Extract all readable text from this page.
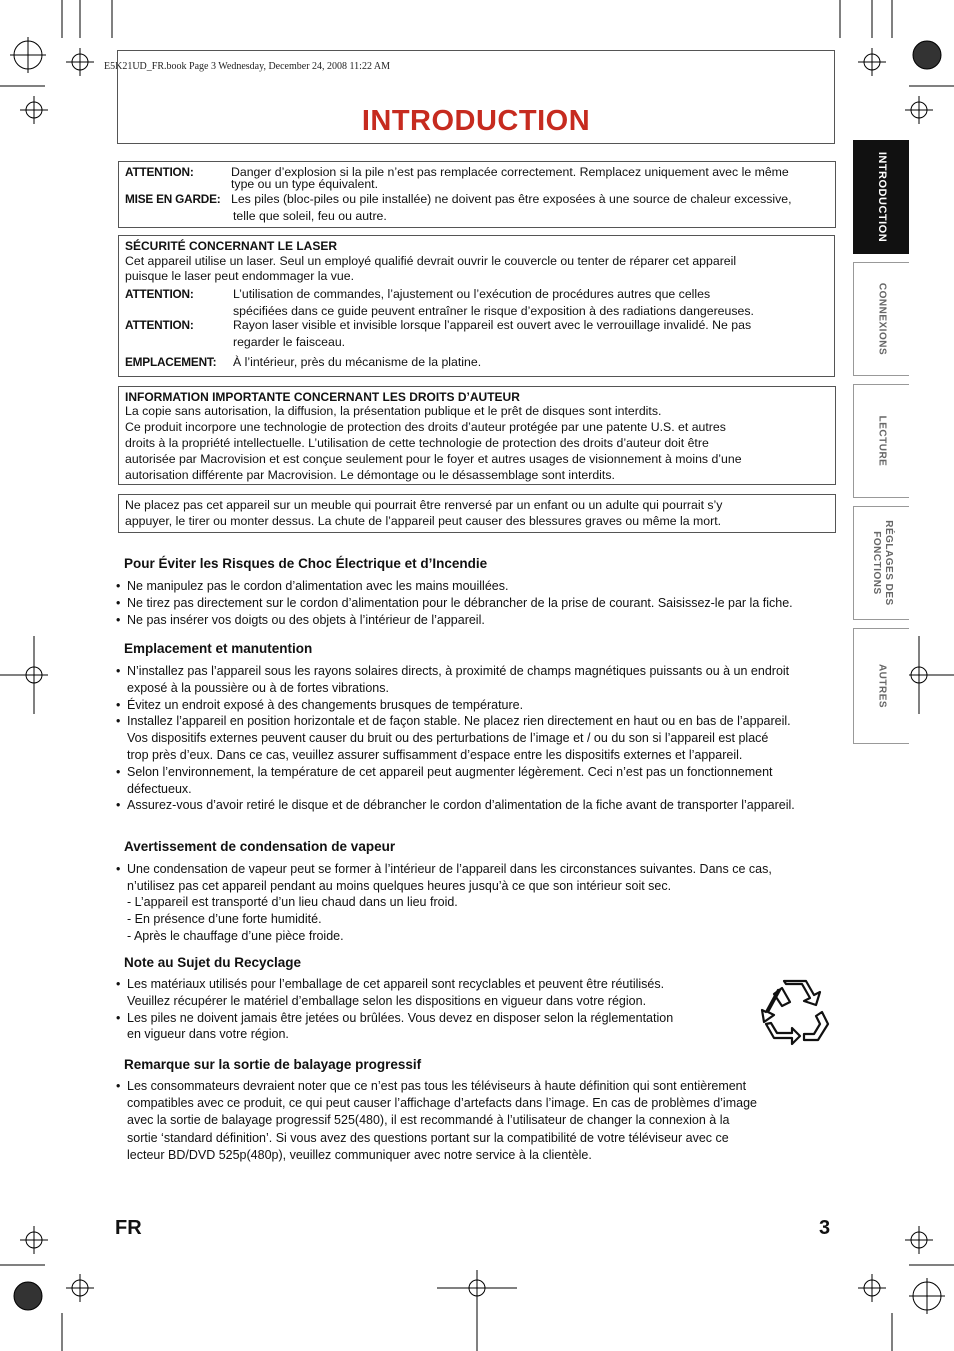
E5K21UD_FR.book Page 3 Wednesday, December 24, 2008 11:22 AM
INTRODUCTION
ATTENTION:	Danger d’explosion si la pile n’est pas remplacée correctement. Remplacez uniquement avec le même
type ou un type équivalent.
MISE EN GARDE: Les piles (bloc-piles ou pile installée) ne doivent pas être exposées à une source de chaleur excessive,
telle que soleil, feu ou autre.
SÉCURITÉ CONCERNANT LE LASER
Cet appareil utilise un laser. Seul un employé qualifié devrait ouvrir le couvercle ou tenter de réparer cet appareil
puisque le laser peut endommager la vue.
ATTENTION:	L’utilisation de commandes, l’ajustement ou l’exécution de procédures autres que celles
spécifiées dans ce guide peuvent entraîner le risque d’exposition à des radiations dangereuses.
ATTENTION:	Rayon laser visible et invisible lorsque l’appareil est ouvert avec le verrouillage invalidé. Ne pas
regarder le faisceau.
EMPLACEMENT: À l’intérieur, près du mécanisme de la platine.
INFORMATION IMPORTANTE CONCERNANT LES DROITS D’AUTEUR
La copie sans autorisation, la diffusion, la présentation publique et le prêt de disques sont interdits.
Ce produit incorpore une technologie de protection des droits d’auteur protégée par une patente U.S. et autres
droits à la propriété intellectuelle. L’utilisation de cette technologie de protection des droits d’auteur doit être
autorisée par Macrovision et est conçue seulement pour le foyer et autres usages de visionnement à moins d’une
autorisation différente par Macrovision. Le démontage ou le désassemblage sont interdits.
Ne placez pas cet appareil sur un meuble qui pourrait être renversé par un enfant ou un adulte qui pourrait s’y
appuyer, le tirer ou monter dessus. La chute de l’appareil peut causer des blessures graves ou même la mort.
Pour Éviter les Risques de Choc Électrique et d’Incendie
• Ne manipulez pas le cordon d’alimentation avec les mains mouillées.
• Ne tirez pas directement sur le cordon d’alimentation pour le débrancher de la prise de courant. Saisissez-le par la fiche.
• Ne pas insérer vos doigts ou des objets à l’intérieur de l’appareil.
Emplacement et manutention
• N’installez pas l’appareil sous les rayons solaires directs, à proximité de champs magnétiques puissants ou à un endroit
exposé à la poussière ou à de fortes vibrations.
• Évitez un endroit exposé à des changements brusques de température.
• Installez l’appareil en position horizontale et de façon stable. Ne placez rien directement en haut ou en bas de l’appareil.
Vos dispositifs externes peuvent causer du bruit ou des perturbations de l’image et / ou du son si l’appareil est placé
trop près d’eux. Dans ce cas, veuillez assurer suffisamment d’espace entre les dispositifs externes et l’appareil.
• Selon l’environnement, la température de cet appareil peut augmenter légèrement. Ceci n’est pas un fonctionnement
défectueux.
• Assurez-vous d’avoir retiré le disque et de débrancher le cordon d’alimentation de la fiche avant de transporter l’appareil.
Avertissement de condensation de vapeur
• Une condensation de vapeur peut se former à l’intérieur de l’appareil dans les circonstances suivantes. Dans ce cas,
n’utilisez pas cet appareil pendant au moins quelques heures jusqu’à ce que son intérieur soit sec.
- L’appareil est transporté d’un lieu chaud dans un lieu froid.
- En présence d’une forte humidité.
- Après le chauffage d’une pièce froide.
Note au Sujet du Recyclage
• Les matériaux utilisés pour l’emballage de cet appareil sont recyclables et peuvent être réutilisés.
Veuillez récupérer le matériel d’emballage selon les dispositions en vigueur dans votre région.
• Les piles ne doivent jamais être jetées ou brûlées. Vous devez en disposer selon la réglementation
en vigueur dans votre région.
Remarque sur la sortie de balayage progressif
• Les consommateurs devraient noter que ce n’est pas tous les téléviseurs à haute définition qui sont entièrement
compatibles avec ce produit, ce qui peut causer l’affichage d’artefacts dans l’image. En cas de problèmes d’image
avec la sortie de balayage progressif 525(480), il est recommandé à l’utilisateur de changer la connexion à la
sortie ‘standard définition’. Si vous avez des questions portant sur la compatibilité de votre téléviseur avec ce
lecteur BD/DVD 525p(480p), veuillez communiquer avec notre service à la clientèle.
INTRODUCTION
CONNEXIONS
LECTURE
RÉGLAGES DES
FONCTIONS
AUTRES
FR	3
